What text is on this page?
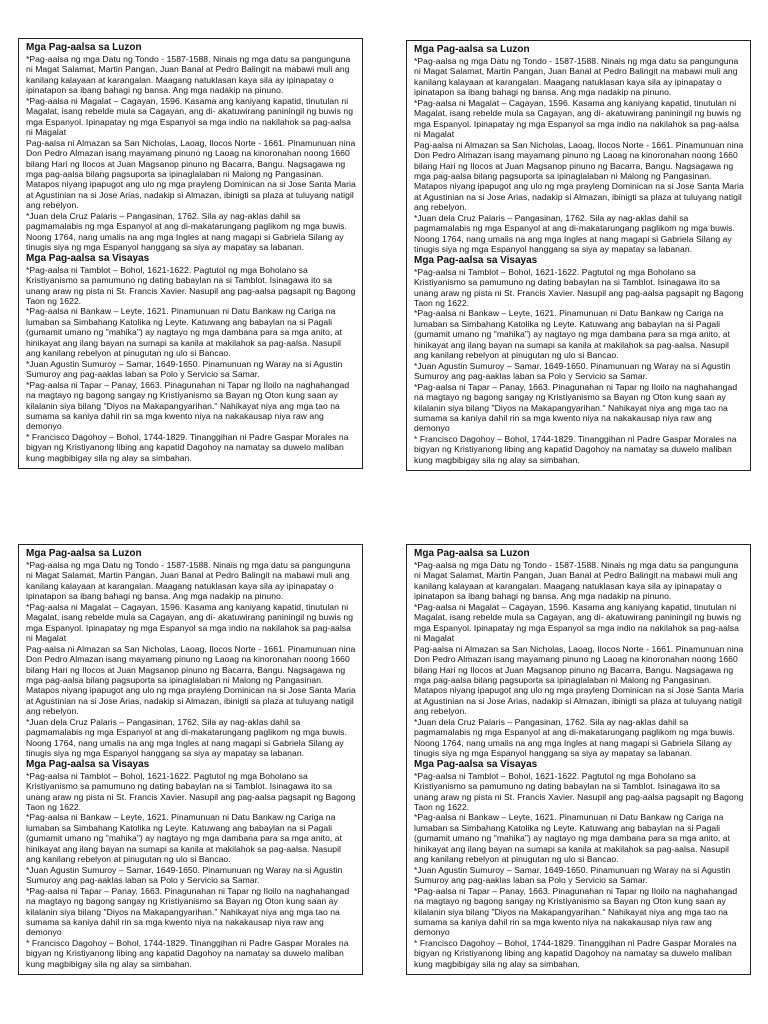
Mga Pag-aalsa sa Luzon

*Pag-aalsa ng mga Datu ng Tondo - 1587-1588. Ninais ng mga datu sa pangunguna ni Magat Salamat, Martin Pangan, Juan Banal at Pedro Balingit na mabawi muli ang kanilang kalayaan at karangalan. Maagang natuklasan kaya sila ay ipinapatay o ipinatapon sa ibang bahagi ng bansa. Ang mga nadakip na pinuno.

*Pag-aalsa ni Magalat – Cagayan, 1596. Kasama ang kaniyang kapatid, tinutulan ni Magalat, isang rebelde mula sa Cagayan, ang di- akatuwirang paniningil ng buwis ng mga Espanyol. Ipinapatay ng mga Espanyol sa mga indio na nakilahok sa pag-aalsa ni Magalat

Pag-aalsa ni Almazan sa San Nicholas, Laoag, Ilocos Norte - 1661. Pinamunuan nina Don Pedro Almazan isang mayamang pinuno ng Laoag na kinoronahan noong 1660 bilang Hari ng Ilocos at Juan Magsanop pinuno ng Bacarra, Bangu. Nagsagawa ng mga pag-aalsa bilang pagsuporta sa ipinaglalaban ni Malong ng Pangasinan. Matapos niyang ipapugot ang ulo ng mga prayleng Dominican na si Jose Santa Maria at Agustinian na si Jose Arias, nadakip si Almazan, ibinigti sa plaza at tuluyang natigil ang rebelyon.

*Juan dela Cruz Palaris – Pangasinan, 1762. Sila ay nag-aklas dahil sa pagmamalabis ng mga Espanyol at ang di-makatarungang paglikom ng mga buwis. Noong 1764, nang umalis na ang mga Ingles at nang magapi si Gabriela Silang ay tinugis siya ng mga Espanyol hanggang sa siya ay mapatay sa labanan.

Mga Pag-aalsa sa Visayas

*Pag-aalsa ni Tamblot – Bohol, 1621-1622. Pagtutol ng mga Boholano sa Kristiyanismo sa pamumuno ng dating babaylan na si Tamblot. Isinagawa ito sa unang araw ng pista ni St. Francis Xavier. Nasupil ang pag-aalsa pagsapit ng Bagong Taon ng 1622.

*Pag-aalsa ni Bankaw – Leyte, 1621. Pinamunuan ni Datu Bankaw ng Cariga na lumaban sa Simbahang Katolika ng Leyte. Katuwang ang babaylan na si Pagali (gumamit umano ng "mahika") ay nagtayo ng mga dambana para sa mga anito, at hinikayat ang ilang bayan na sumapi sa kanila at makilahok sa pag-aalsa. Nasupil ang kanilang rebelyon at pinugutan ng ulo si Bancao.

*Juan Agustin Sumuroy – Samar, 1649-1650. Pinamunuan ng Waray na si Agustin Sumuroy ang pag-aaklas laban sa Polo y Servicio sa Samar.

*Pag-aalsa ni Tapar – Panay, 1663. Pinagunahan ni Tapar ng Iloilo na naghahangad na magtayo ng bagong sangay ng Kristiyanismo sa Bayan ng Oton kung saan ay kilalanin siya bilang "Diyos na Makapangyarihan." Nahikayat niya ang mga tao na sumama sa kaniya dahil rin sa mga kwento niya na nakakausap niya raw ang demonyo

* Francisco Dagohoy – Bohol, 1744-1829. Tinanggihan ni Padre Gaspar Morales na bigyan ng Kristiyanong libing ang kapatid Dagohoy na namatay sa duwelo maliban kung magbibigay sila ng alay sa simbahan.

Mga Pag-aalsa sa Luzon

*Pag-aalsa ng mga Datu ng Tondo - 1587-1588. Ninais ng mga datu sa pangunguna ni Magat Salamat, Martin Pangan, Juan Banal at Pedro Balingit na mabawi muli ang kanilang kalayaan at karangalan. Maagang natuklasan kaya sila ay ipinapatay o ipinatapon sa ibang bahagi ng bansa. Ang mga nadakip na pinuno.

*Pag-aalsa ni Magalat – Cagayan, 1596. Kasama ang kaniyang kapatid, tinutulan ni Magalat, isang rebelde mula sa Cagayan, ang di- akatuwirang paniningil ng buwis ng mga Espanyol. Ipinapatay ng mga Espanyol sa mga indio na nakilahok sa pag-aalsa ni Magalat

Pag-aalsa ni Almazan sa San Nicholas, Laoag, Ilocos Norte - 1661. Pinamunuan nina Don Pedro Almazan isang mayamang pinuno ng Laoag na kinoronahan noong 1660 bilang Hari ng Ilocos at Juan Magsanop pinuno ng Bacarra, Bangu. Nagsagawa ng mga pag-aalsa bilang pagsuporta sa ipinaglalaban ni Malong ng Pangasinan. Matapos niyang ipapugot ang ulo ng mga prayleng Dominican na si Jose Santa Maria at Agustinian na si Jose Arias, nadakip si Almazan, ibinigti sa plaza at tuluyang natigil ang rebelyon.

*Juan dela Cruz Palaris – Pangasinan, 1762. Sila ay nag-aklas dahil sa pagmamalabis ng mga Espanyol at ang di-makatarungang paglikom ng mga buwis. Noong 1764, nang umalis na ang mga Ingles at nang magapi si Gabriela Silang ay tinugis siya ng mga Espanyol hanggang sa siya ay mapatay sa labanan.

Mga Pag-aalsa sa Visayas

*Pag-aalsa ni Tamblot – Bohol, 1621-1622. Pagtutol ng mga Boholano sa Kristiyanismo sa pamumuno ng dating babaylan na si Tamblot. Isinagawa ito sa unang araw ng pista ni St. Francis Xavier. Nasupil ang pag-aalsa pagsapit ng Bagong Taon ng 1622.

*Pag-aalsa ni Bankaw – Leyte, 1621. Pinamunuan ni Datu Bankaw ng Cariga na lumaban sa Simbahang Katolika ng Leyte. Katuwang ang babaylan na si Pagali (gumamit umano ng "mahika") ay nagtayo ng mga dambana para sa mga anito, at hinikayat ang ilang bayan na sumapi sa kanila at makilahok sa pag-aalsa. Nasupil ang kanilang rebelyon at pinugutan ng ulo si Bancao.

*Juan Agustin Sumuroy – Samar, 1649-1650. Pinamunuan ng Waray na si Agustin Sumuroy ang pag-aaklas laban sa Polo y Servicio sa Samar.

*Pag-aalsa ni Tapar – Panay, 1663. Pinagunahan ni Tapar ng Iloilo na naghahangad na magtayo ng bagong sangay ng Kristiyanismo sa Bayan ng Oton kung saan ay kilalanin siya bilang "Diyos na Makapangyarihan." Nahikayat niya ang mga tao na sumama sa kaniya dahil rin sa mga kwento niya na nakakausap niya raw ang demonyo

* Francisco Dagohoy – Bohol, 1744-1829. Tinanggihan ni Padre Gaspar Morales na bigyan ng Kristiyanong libing ang kapatid Dagohoy na namatay sa duwelo maliban kung magbibigay sila ng alay sa simbahan.

Mga Pag-aalsa sa Luzon

*Pag-aalsa ng mga Datu ng Tondo - 1587-1588. Ninais ng mga datu sa pangunguna ni Magat Salamat, Martin Pangan, Juan Banal at Pedro Balingit na mabawi muli ang kanilang kalayaan at karangalan. Maagang natuklasan kaya sila ay ipinapatay o ipinatapon sa ibang bahagi ng bansa. Ang mga nadakip na pinuno.

*Pag-aalsa ni Magalat – Cagayan, 1596. Kasama ang kaniyang kapatid, tinutulan ni Magalat, isang rebelde mula sa Cagayan, ang di- akatuwirang paniningil ng buwis ng mga Espanyol. Ipinapatay ng mga Espanyol sa mga indio na nakilahok sa pag-aalsa ni Magalat

Pag-aalsa ni Almazan sa San Nicholas, Laoag, Ilocos Norte - 1661. Pinamunuan nina Don Pedro Almazan isang mayamang pinuno ng Laoag na kinoronahan noong 1660 bilang Hari ng Ilocos at Juan Magsanop pinuno ng Bacarra, Bangu. Nagsagawa ng mga pag-aalsa bilang pagsuporta sa ipinaglalaban ni Malong ng Pangasinan. Matapos niyang ipapugot ang ulo ng mga prayleng Dominican na si Jose Santa Maria at Agustinian na si Jose Arias, nadakip si Almazan, ibinigti sa plaza at tuluyang natigil ang rebelyon.

*Juan dela Cruz Palaris – Pangasinan, 1762. Sila ay nag-aklas dahil sa pagmamalabis ng mga Espanyol at ang di-makatarungang paglikom ng mga buwis. Noong 1764, nang umalis na ang mga Ingles at nang magapi si Gabriela Silang ay tinugis siya ng mga Espanyol hanggang sa siya ay mapatay sa labanan.

Mga Pag-aalsa sa Visayas

*Pag-aalsa ni Tamblot – Bohol, 1621-1622. Pagtutol ng mga Boholano sa Kristiyanismo sa pamumuno ng dating babaylan na si Tamblot. Isinagawa ito sa unang araw ng pista ni St. Francis Xavier. Nasupil ang pag-aalsa pagsapit ng Bagong Taon ng 1622.

*Pag-aalsa ni Bankaw – Leyte, 1621. Pinamunuan ni Datu Bankaw ng Cariga na lumaban sa Simbahang Katolika ng Leyte. Katuwang ang babaylan na si Pagali (gumamit umano ng "mahika") ay nagtayo ng mga dambana para sa mga anito, at hinikayat ang ilang bayan na sumapi sa kanila at makilahok sa pag-aalsa. Nasupil ang kanilang rebelyon at pinugutan ng ulo si Bancao.

*Juan Agustin Sumuroy – Samar, 1649-1650. Pinamunuan ng Waray na si Agustin Sumuroy ang pag-aaklas laban sa Polo y Servicio sa Samar.

*Pag-aalsa ni Tapar – Panay, 1663. Pinagunahan ni Tapar ng Iloilo na naghahangad na magtayo ng bagong sangay ng Kristiyanismo sa Bayan ng Oton kung saan ay kilalanin siya bilang "Diyos na Makapangyarihan." Nahikayat niya ang mga tao na sumama sa kaniya dahil rin sa mga kwento niya na nakakausap niya raw ang demonyo

* Francisco Dagohoy – Bohol, 1744-1829. Tinanggihan ni Padre Gaspar Morales na bigyan ng Kristiyanong libing ang kapatid Dagohoy na namatay sa duwelo maliban kung magbibigay sila ng alay sa simbahan.

Mga Pag-aalsa sa Luzon

*Pag-aalsa ng mga Datu ng Tondo - 1587-1588. Ninais ng mga datu sa pangunguna ni Magat Salamat, Martin Pangan, Juan Banal at Pedro Balingit na mabawi muli ang kanilang kalayaan at karangalan. Maagang natuklasan kaya sila ay ipinapatay o ipinatapon sa ibang bahagi ng bansa. Ang mga nadakip na pinuno.

*Pag-aalsa ni Magalat – Cagayan, 1596. Kasama ang kaniyang kapatid, tinutulan ni Magalat, isang rebelde mula sa Cagayan, ang di- akatuwirang paniningil ng buwis ng mga Espanyol. Ipinapatay ng mga Espanyol sa mga indio na nakilahok sa pag-aalsa ni Magalat

Pag-aalsa ni Almazan sa San Nicholas, Laoag, Ilocos Norte - 1661. Pinamunuan nina Don Pedro Almazan isang mayamang pinuno ng Laoag na kinoronahan noong 1660 bilang Hari ng Ilocos at Juan Magsanop pinuno ng Bacarra, Bangu. Nagsagawa ng mga pag-aalsa bilang pagsuporta sa ipinaglalaban ni Malong ng Pangasinan. Matapos niyang ipapugot ang ulo ng mga prayleng Dominican na si Jose Santa Maria at Agustinian na si Jose Arias, nadakip si Almazan, ibinigti sa plaza at tuluyang natigil ang rebelyon.

*Juan dela Cruz Palaris – Pangasinan, 1762. Sila ay nag-aklas dahil sa pagmamalabis ng mga Espanyol at ang di-makatarungang paglikom ng mga buwis. Noong 1764, nang umalis na ang mga Ingles at nang magapi si Gabriela Silang ay tinugis siya ng mga Espanyol hanggang sa siya ay mapatay sa labanan.

Mga Pag-aalsa sa Visayas

*Pag-aalsa ni Tamblot – Bohol, 1621-1622. Pagtutol ng mga Boholano sa Kristiyanismo sa pamumuno ng dating babaylan na si Tamblot. Isinagawa ito sa unang araw ng pista ni St. Francis Xavier. Nasupil ang pag-aalsa pagsapit ng Bagong Taon ng 1622.

*Pag-aalsa ni Bankaw – Leyte, 1621. Pinamunuan ni Datu Bankaw ng Cariga na lumaban sa Simbahang Katolika ng Leyte. Katuwang ang babaylan na si Pagali (gumamit umano ng "mahika") ay nagtayo ng mga dambana para sa mga anito, at hinikayat ang ilang bayan na sumapi sa kanila at makilahok sa pag-aalsa. Nasupil ang kanilang rebelyon at pinugutan ng ulo si Bancao.

*Juan Agustin Sumuroy – Samar, 1649-1650. Pinamunuan ng Waray na si Agustin Sumuroy ang pag-aaklas laban sa Polo y Servicio sa Samar.

*Pag-aalsa ni Tapar – Panay, 1663. Pinagunahan ni Tapar ng Iloilo na naghahangad na magtayo ng bagong sangay ng Kristiyanismo sa Bayan ng Oton kung saan ay kilalanin siya bilang "Diyos na Makapangyarihan." Nahikayat niya ang mga tao na sumama sa kaniya dahil rin sa mga kwento niya na nakakausap niya raw ang demonyo

* Francisco Dagohoy – Bohol, 1744-1829. Tinanggihan ni Padre Gaspar Morales na bigyan ng Kristiyanong libing ang kapatid Dagohoy na namatay sa duwelo maliban kung magbibigay sila ng alay sa simbahan.
